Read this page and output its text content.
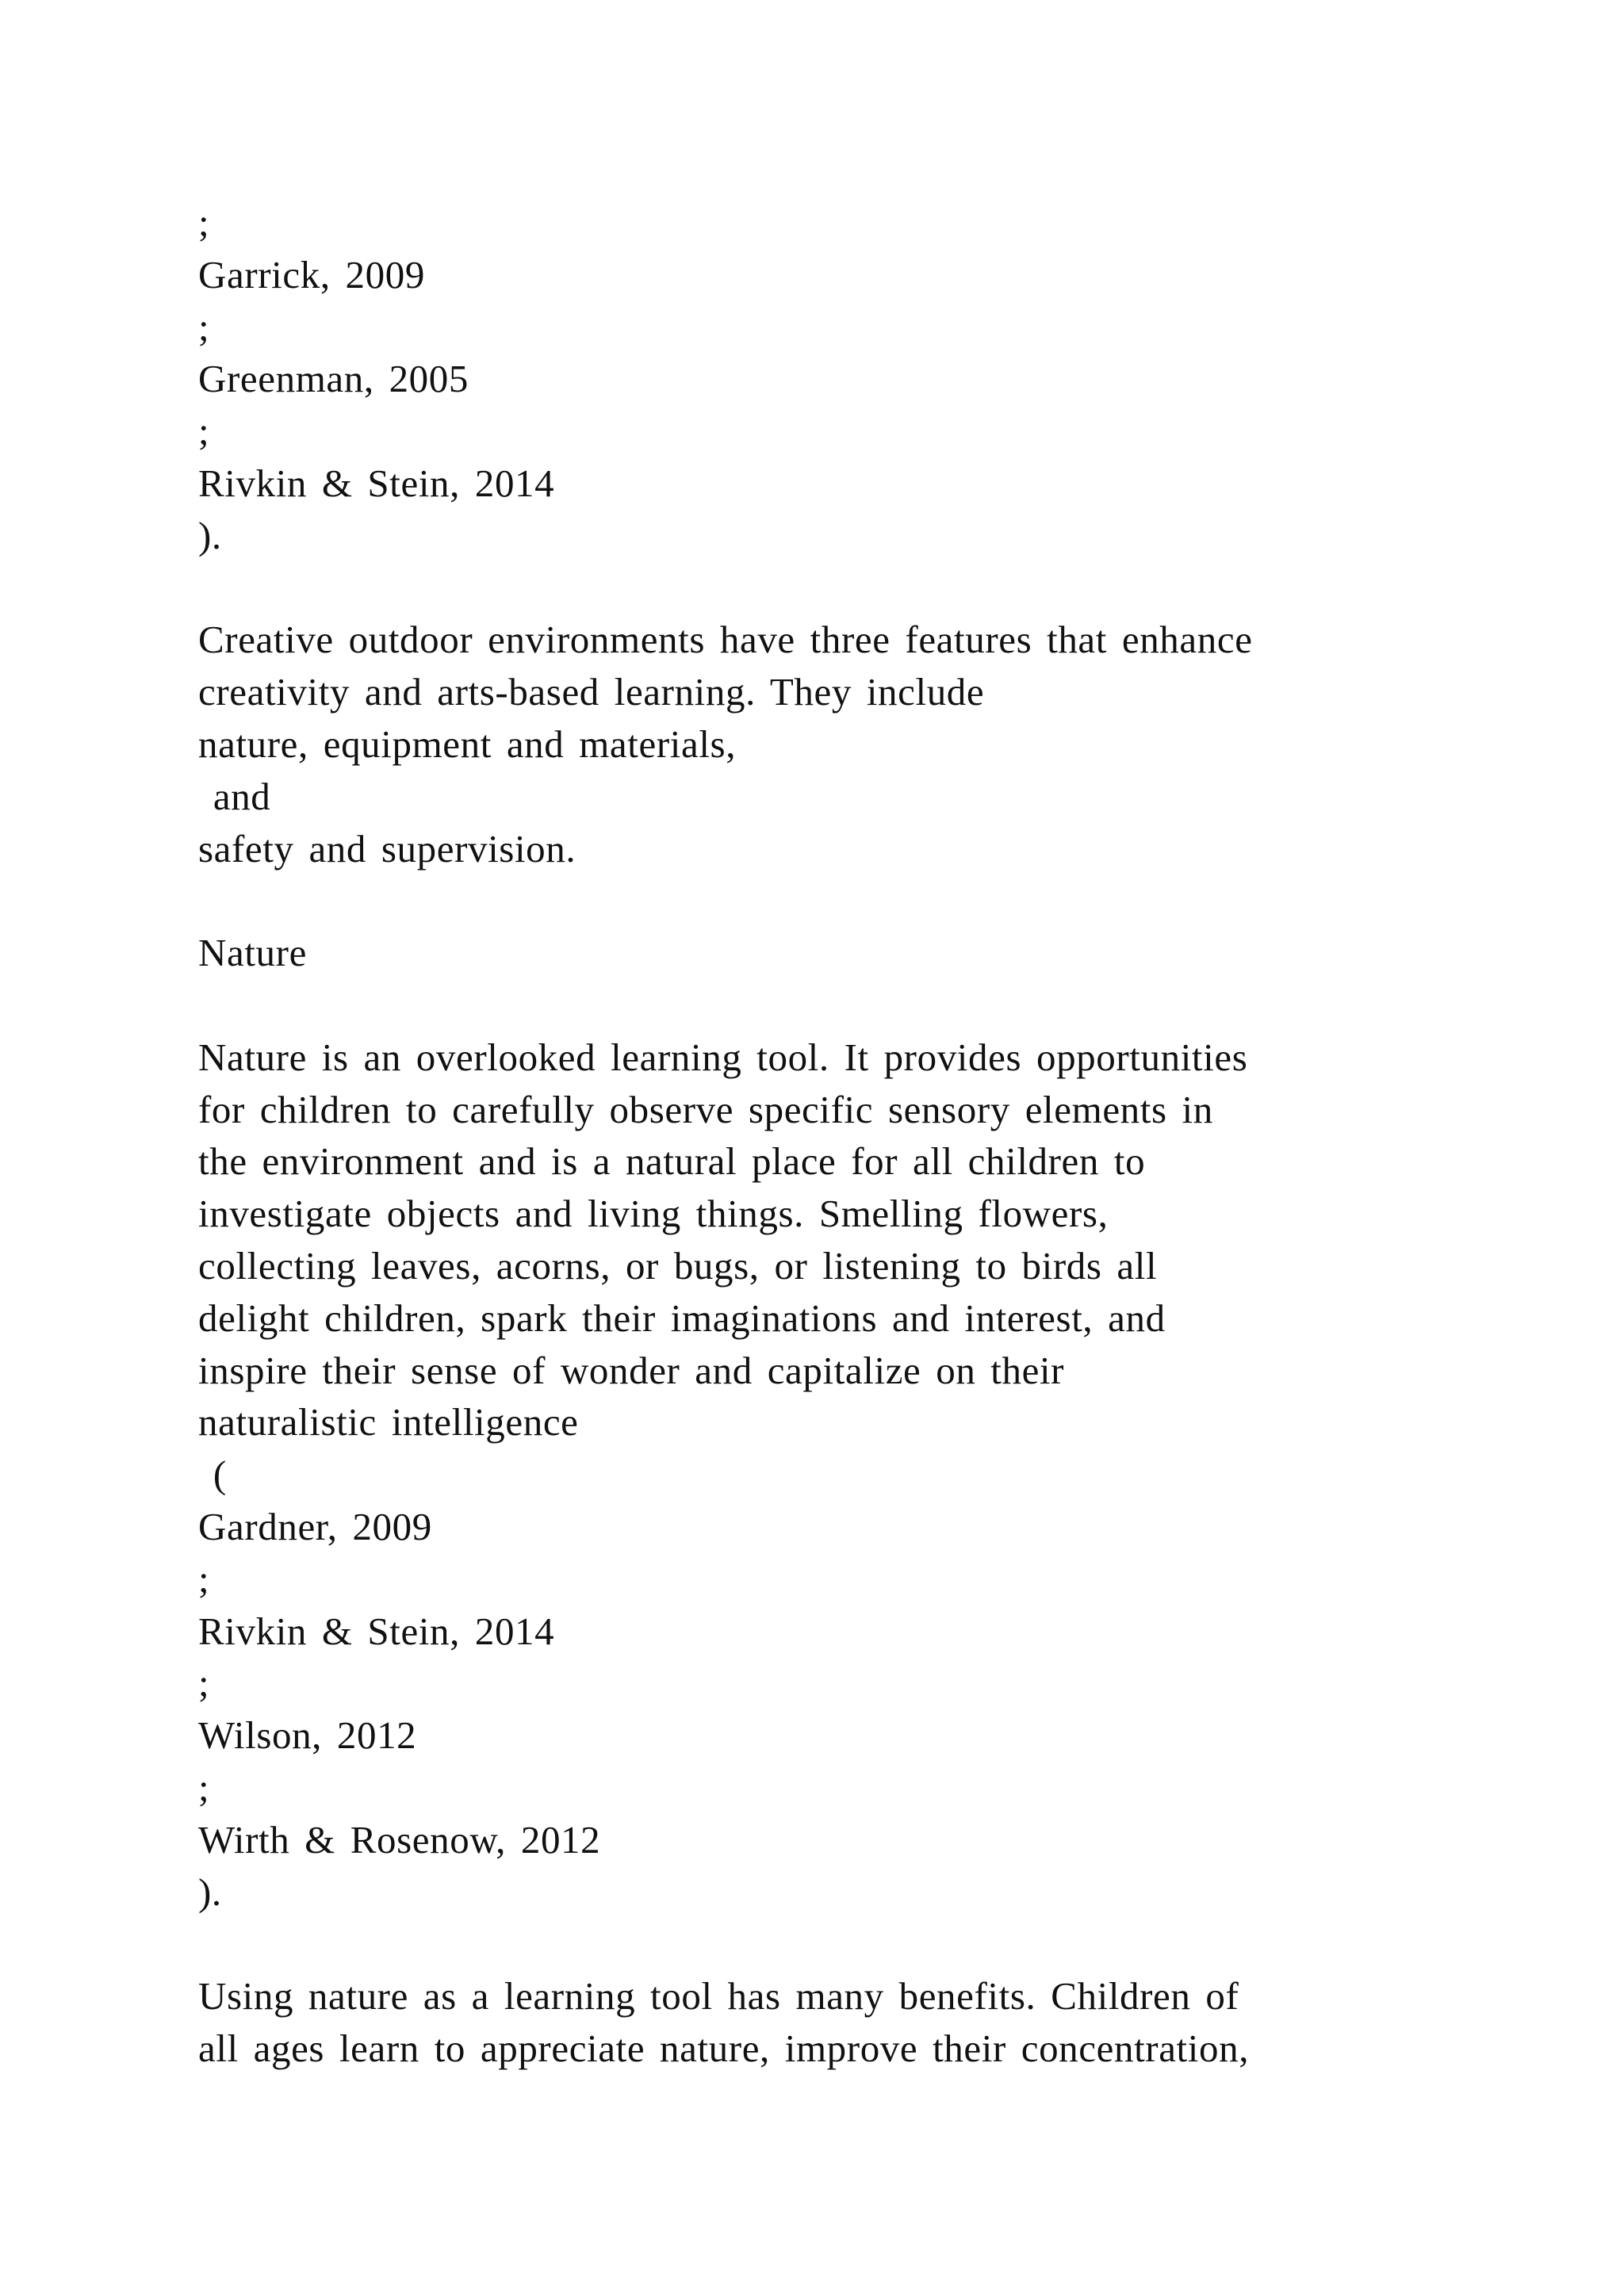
;
Garrick, 2009
;
Greenman, 2005
;
Rivkin & Stein, 2014
).
Creative outdoor environments have three features that enhance
creativity and arts-based learning. They include
nature, equipment and materials,
and
safety and supervision.
Nature
Nature is an overlooked learning tool. It provides opportunities
for children to carefully observe specific sensory elements in
the environment and is a natural place for all children to
investigate objects and living things. Smelling flowers,
collecting leaves, acorns, or bugs, or listening to birds all
delight children, spark their imaginations and interest, and
inspire their sense of wonder and capitalize on their
naturalistic intelligence
(
Gardner, 2009
;
Rivkin & Stein, 2014
;
Wilson, 2012
;
Wirth & Rosenow, 2012
).
Using nature as a learning tool has many benefits. Children of
all ages learn to appreciate nature, improve their concentration,
